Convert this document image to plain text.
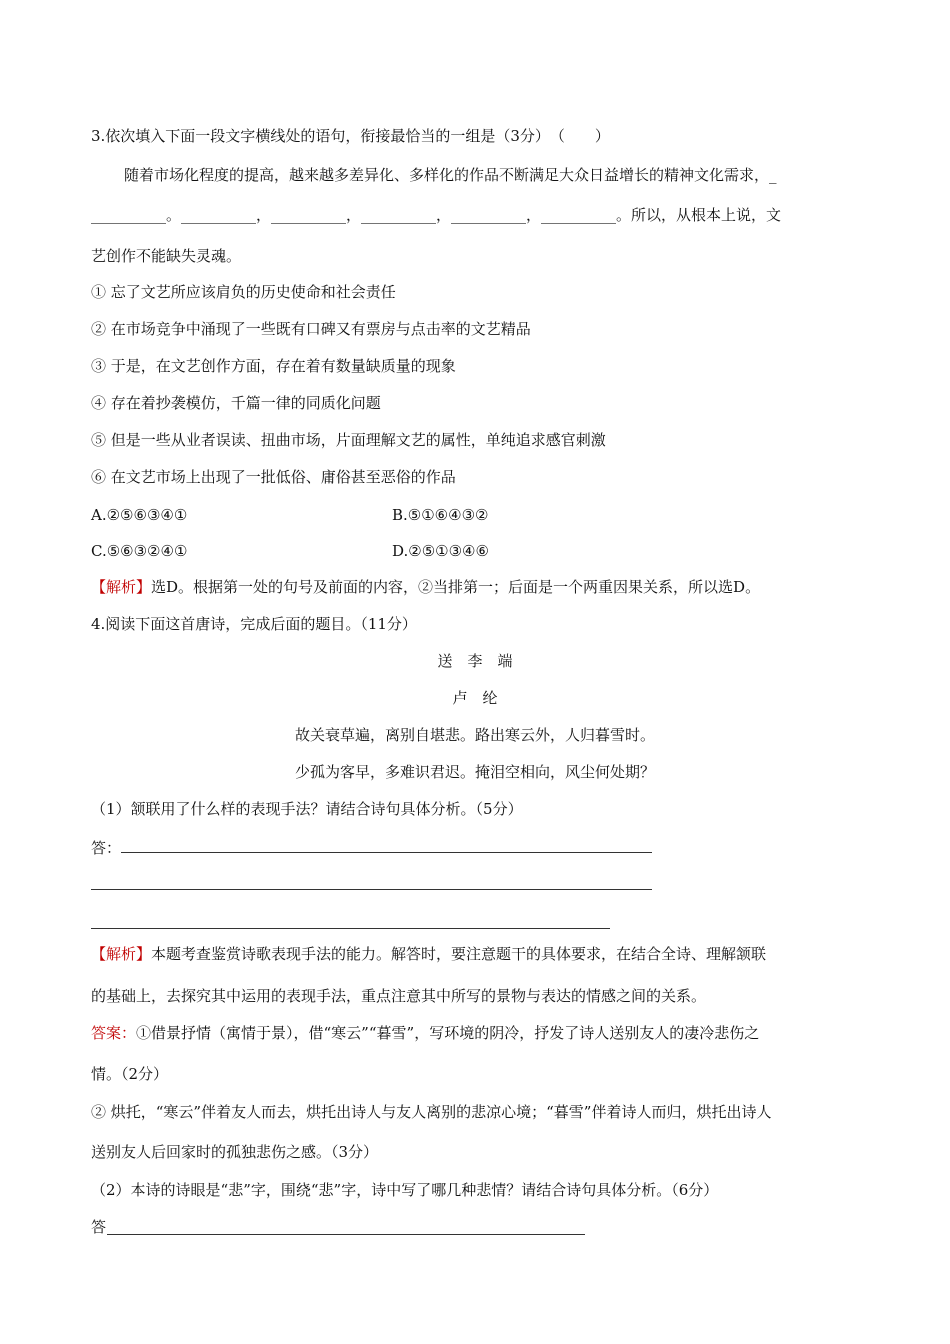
3.依次填入下面一段文字横线处的语句，衔接最恰当的一组是（3分）　（　　）
随着市场化程度的提高，越来越多差异化、多样化的作品不断满足大众日益增长的精神文化需求，_
__________。__________，__________，__________，__________，__________。所以，从根本上说，文
艺创作不能缺失灵魂。
① 忘了文艺所应该肩负的历史使命和社会责任
② 在市场竞争中涌现了一些既有口碑又有票房与点击率的文艺精品
③ 于是，在文艺创作方面，存在着有数量缺质量的现象
④ 存在着抄袭模仿，千篇一律的同质化问题
⑤ 但是一些从业者误读、扭曲市场，片面理解文艺的属性，单纯追求感官刺激
⑥ 在文艺市场上出现了一批低俗、庸俗甚至恶俗的作品
A.②⑤⑥③④①	B.⑤①⑥④③②
C.⑤⑥③②④①	D.②⑤①③④⑥
【解析】选D。根据第一处的句号及前面的内容，②当排第一；后面是一个两重因果关系，所以选D。
4.阅读下面这首唐诗，完成后面的题目。（11分）
送　李　端
卢　纶
故关衰草遍，离别自堪悲。路出寒云外，人归暮雪时。
少孤为客早，多难识君迟。掩泪空相向，风尘何处期？
（1）颔联用了什么样的表现手法？请结合诗句具体分析。（5分）
答：
【解析】本题考查鉴赏诗歌表现手法的能力。解答时，要注意题干的具体要求，在结合全诗、理解颔联
的基础上，去探究其中运用的表现手法，重点注意其中所写的景物与表达的情感之间的关系。
答案：①借景抒情（寓情于景），借“寒云”“暮雪”，写环境的阴冷，抒发了诗人送别友人的凄冷悲伤之
情。（2分）
② 烘托，“寒云”伴着友人而去，烘托出诗人与友人离别的悲凉心境；“暮雪”伴着诗人而归，烘托出诗人
送别友人后回家时的孤独悲伤之感。（3分）
（2）本诗的诗眼是“悲”字，围绕“悲”字，诗中写了哪几种悲情？请结合诗句具体分析。（6分）
答
